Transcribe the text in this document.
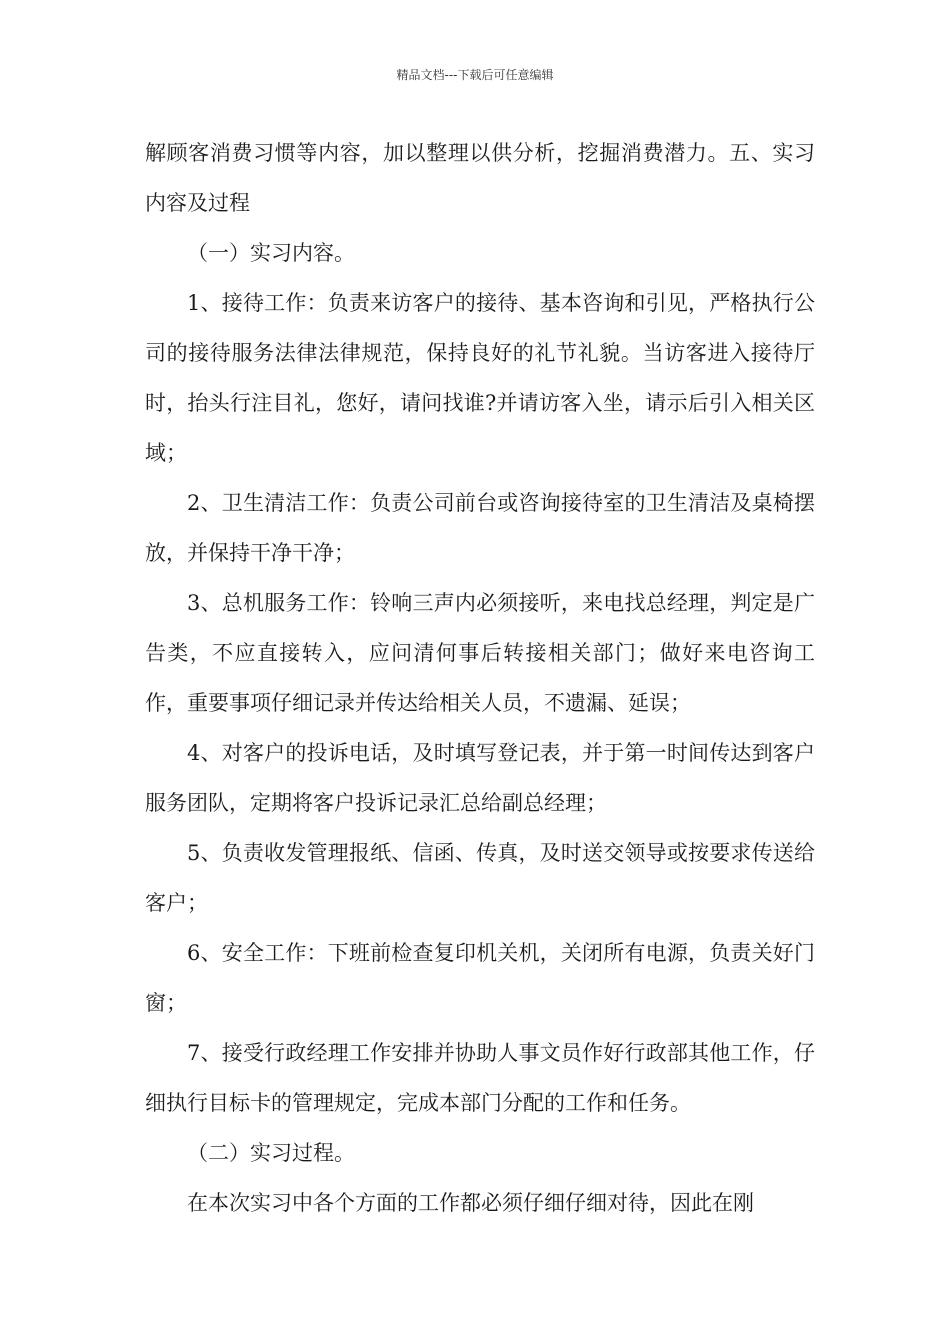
精品文档---下载后可任意编辑

解顾客消费习惯等内容，加以整理以供分析，挖掘消费潜力。五、实习内容及过程

（一）实习内容。

1、接待工作：负责来访客户的接待、基本咨询和引见，严格执行公司的接待服务法律法律规范，保持良好的礼节礼貌。当访客进入接待厅时，抬头行注目礼，您好，请问找谁?并请访客入坐，请示后引入相关区域；

2、卫生清洁工作：负责公司前台或咨询接待室的卫生清洁及桌椅摆放，并保持干净干净；

3、总机服务工作：铃响三声内必须接听，来电找总经理，判定是广告类，不应直接转入，应问清何事后转接相关部门；做好来电咨询工作，重要事项仔细记录并传达给相关人员，不遗漏、延误；

4、对客户的投诉电话，及时填写登记表，并于第一时间传达到客户服务团队，定期将客户投诉记录汇总给副总经理；

5、负责收发管理报纸、信函、传真，及时送交领导或按要求传送给客户；

6、安全工作：下班前检查复印机关机，关闭所有电源，负责关好门窗；

7、接受行政经理工作安排并协助人事文员作好行政部其他工作，仔细执行目标卡的管理规定，完成本部门分配的工作和任务。

（二）实习过程。

在本次实习中各个方面的工作都必须仔细仔细对待，因此在刚
